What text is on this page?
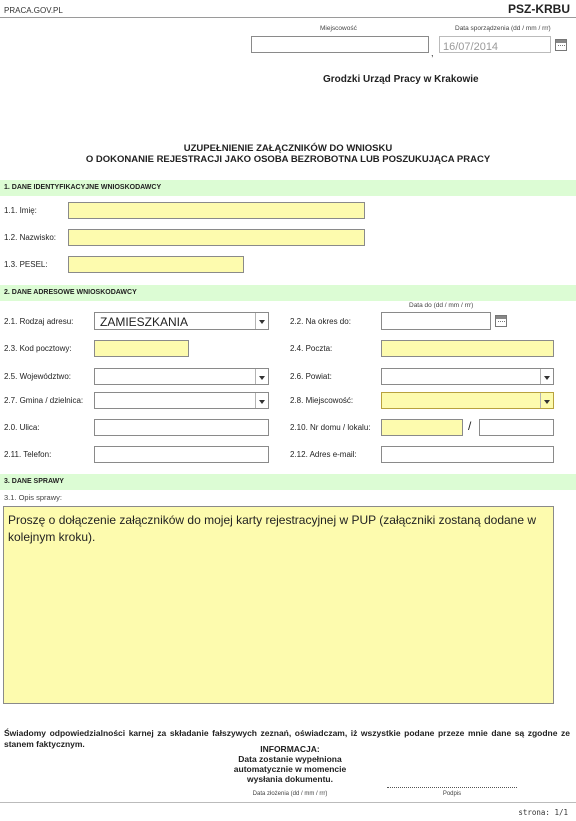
PRACA.GOV.PL	PSZ-KRBU
Miejscowość
,
Data sporządzenia (dd / mm / rrr)
16/07/2014
Grodzki Urząd Pracy w Krakowie
UZUPEŁNIENIE ZAŁĄCZNIKÓW DO WNIOSKU
O DOKONANIE REJESTRACJI JAKO OSOBA BEZROBOTNA LUB POSZUKUJĄCA PRACY
1. DANE IDENTYFIKACYJNE WNIOSKODAWCY
1.1. Imię:
1.2. Nazwisko:
1.3. PESEL:
2. DANE ADRESOWE WNIOSKODAWCY
Data do (dd / mm / rrr)
2.1. Rodzaj adresu:	ZAMIESZKANIA	2.2. Na okres do:
2.3. Kod pocztowy:	2.4. Poczta:
2.5. Województwo:	2.6. Powiat:
2.7. Gmina / dzielnica:	2.8. Miejscowość:
2.0. Ulica:	2.10. Nr domu / lokalu:	/
2.11. Telefon:	2.12. Adres e-mail:
3. DANE SPRAWY
3.1. Opis sprawy:
Proszę o dołączenie załączników do mojej karty rejestracyjnej w PUP (załączniki zostaną dodane w kolejnym kroku).
Świadomy odpowiedzialności karnej za składanie fałszywych zeznań, oświadczam, iż wszystkie podane przeze mnie dane są zgodne ze stanem faktycznym.	INFORMACJA:
Data zostanie wypełniona
automatycznie w momencie
wysłania dokumentu.
Data złożenia (dd / mm / rrr)	Podpis
strona: 1/1
